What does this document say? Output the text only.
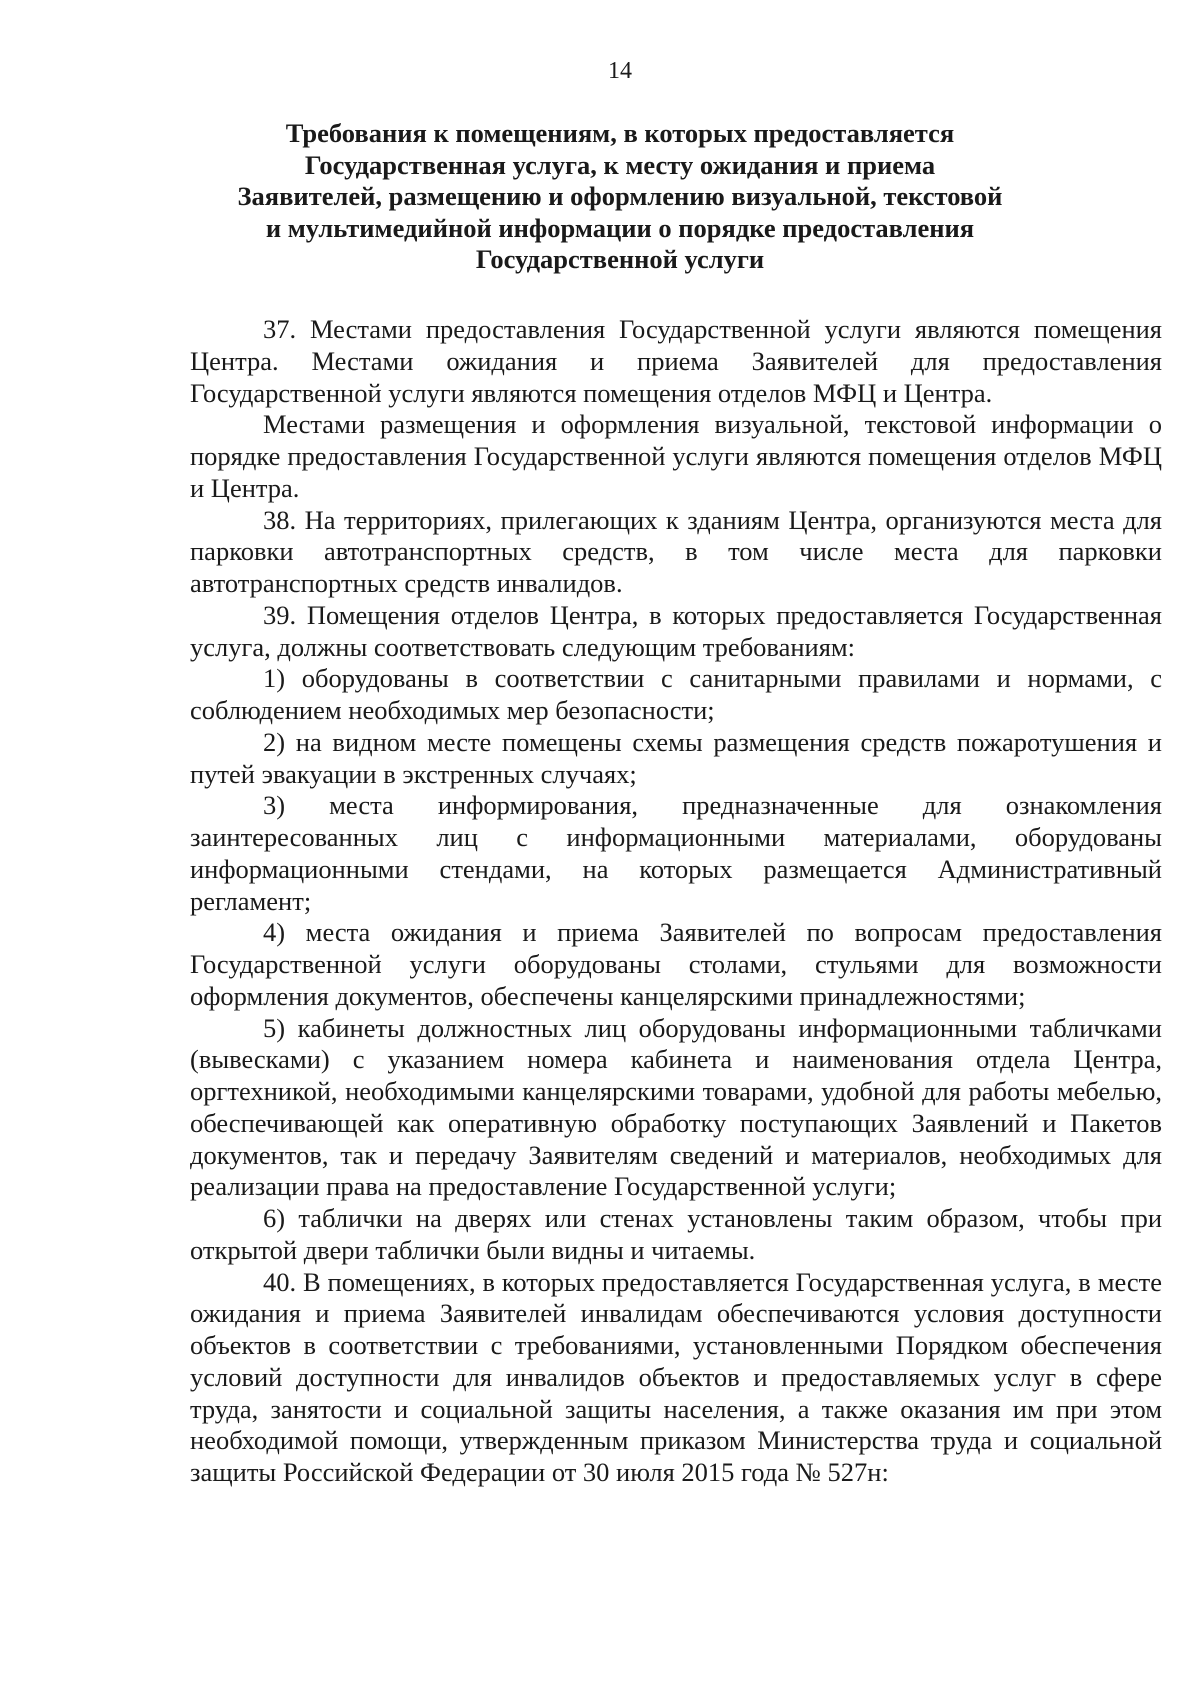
14
Требования к помещениям, в которых предоставляется
Государственная услуга, к месту ожидания и приема
Заявителей, размещению и оформлению визуальной, текстовой
и мультимедийной информации о порядке предоставления
Государственной услуги

37. Местами предоставления Государственной услуги являются помещения Центра. Местами ожидания и приема Заявителей для предоставления Государственной услуги являются помещения отделов МФЦ и Центра.

Местами размещения и оформления визуальной, текстовой информации о порядке предоставления Государственной услуги являются помещения отделов МФЦ и Центра.

38. На территориях, прилегающих к зданиям Центра, организуются места для парковки автотранспортных средств, в том числе места для парковки автотранспортных средств инвалидов.

39. Помещения отделов Центра, в которых предоставляется Государственная услуга, должны соответствовать следующим требованиям:

1) оборудованы в соответствии с санитарными правилами и нормами, с соблюдением необходимых мер безопасности;

2) на видном месте помещены схемы размещения средств пожаротушения и путей эвакуации в экстренных случаях;

3) места информирования, предназначенные для ознакомления заинтересованных лиц с информационными материалами, оборудованы информационными стендами, на которых размещается Административный регламент;

4) места ожидания и приема Заявителей по вопросам предоставления Государственной услуги оборудованы столами, стульями для возможности оформления документов, обеспечены канцелярскими принадлежностями;

5) кабинеты должностных лиц оборудованы информационными табличками (вывесками) с указанием номера кабинета и наименования отдела Центра, оргтехникой, необходимыми канцелярскими товарами, удобной для работы мебелью, обеспечивающей как оперативную обработку поступающих Заявлений и Пакетов документов, так и передачу Заявителям сведений и материалов, необходимых для реализации права на предоставление Государственной услуги;

6) таблички на дверях или стенах установлены таким образом, чтобы при открытой двери таблички были видны и читаемы.

40. В помещениях, в которых предоставляется Государственная услуга, в месте ожидания и приема Заявителей инвалидам обеспечиваются условия доступности объектов в соответствии с требованиями, установленными Порядком обеспечения условий доступности для инвалидов объектов и предоставляемых услуг в сфере труда, занятости и социальной защиты населения, а также оказания им при этом необходимой помощи, утвержденным приказом Министерства труда и социальной защиты Российской Федерации от 30 июля 2015 года № 527н:
